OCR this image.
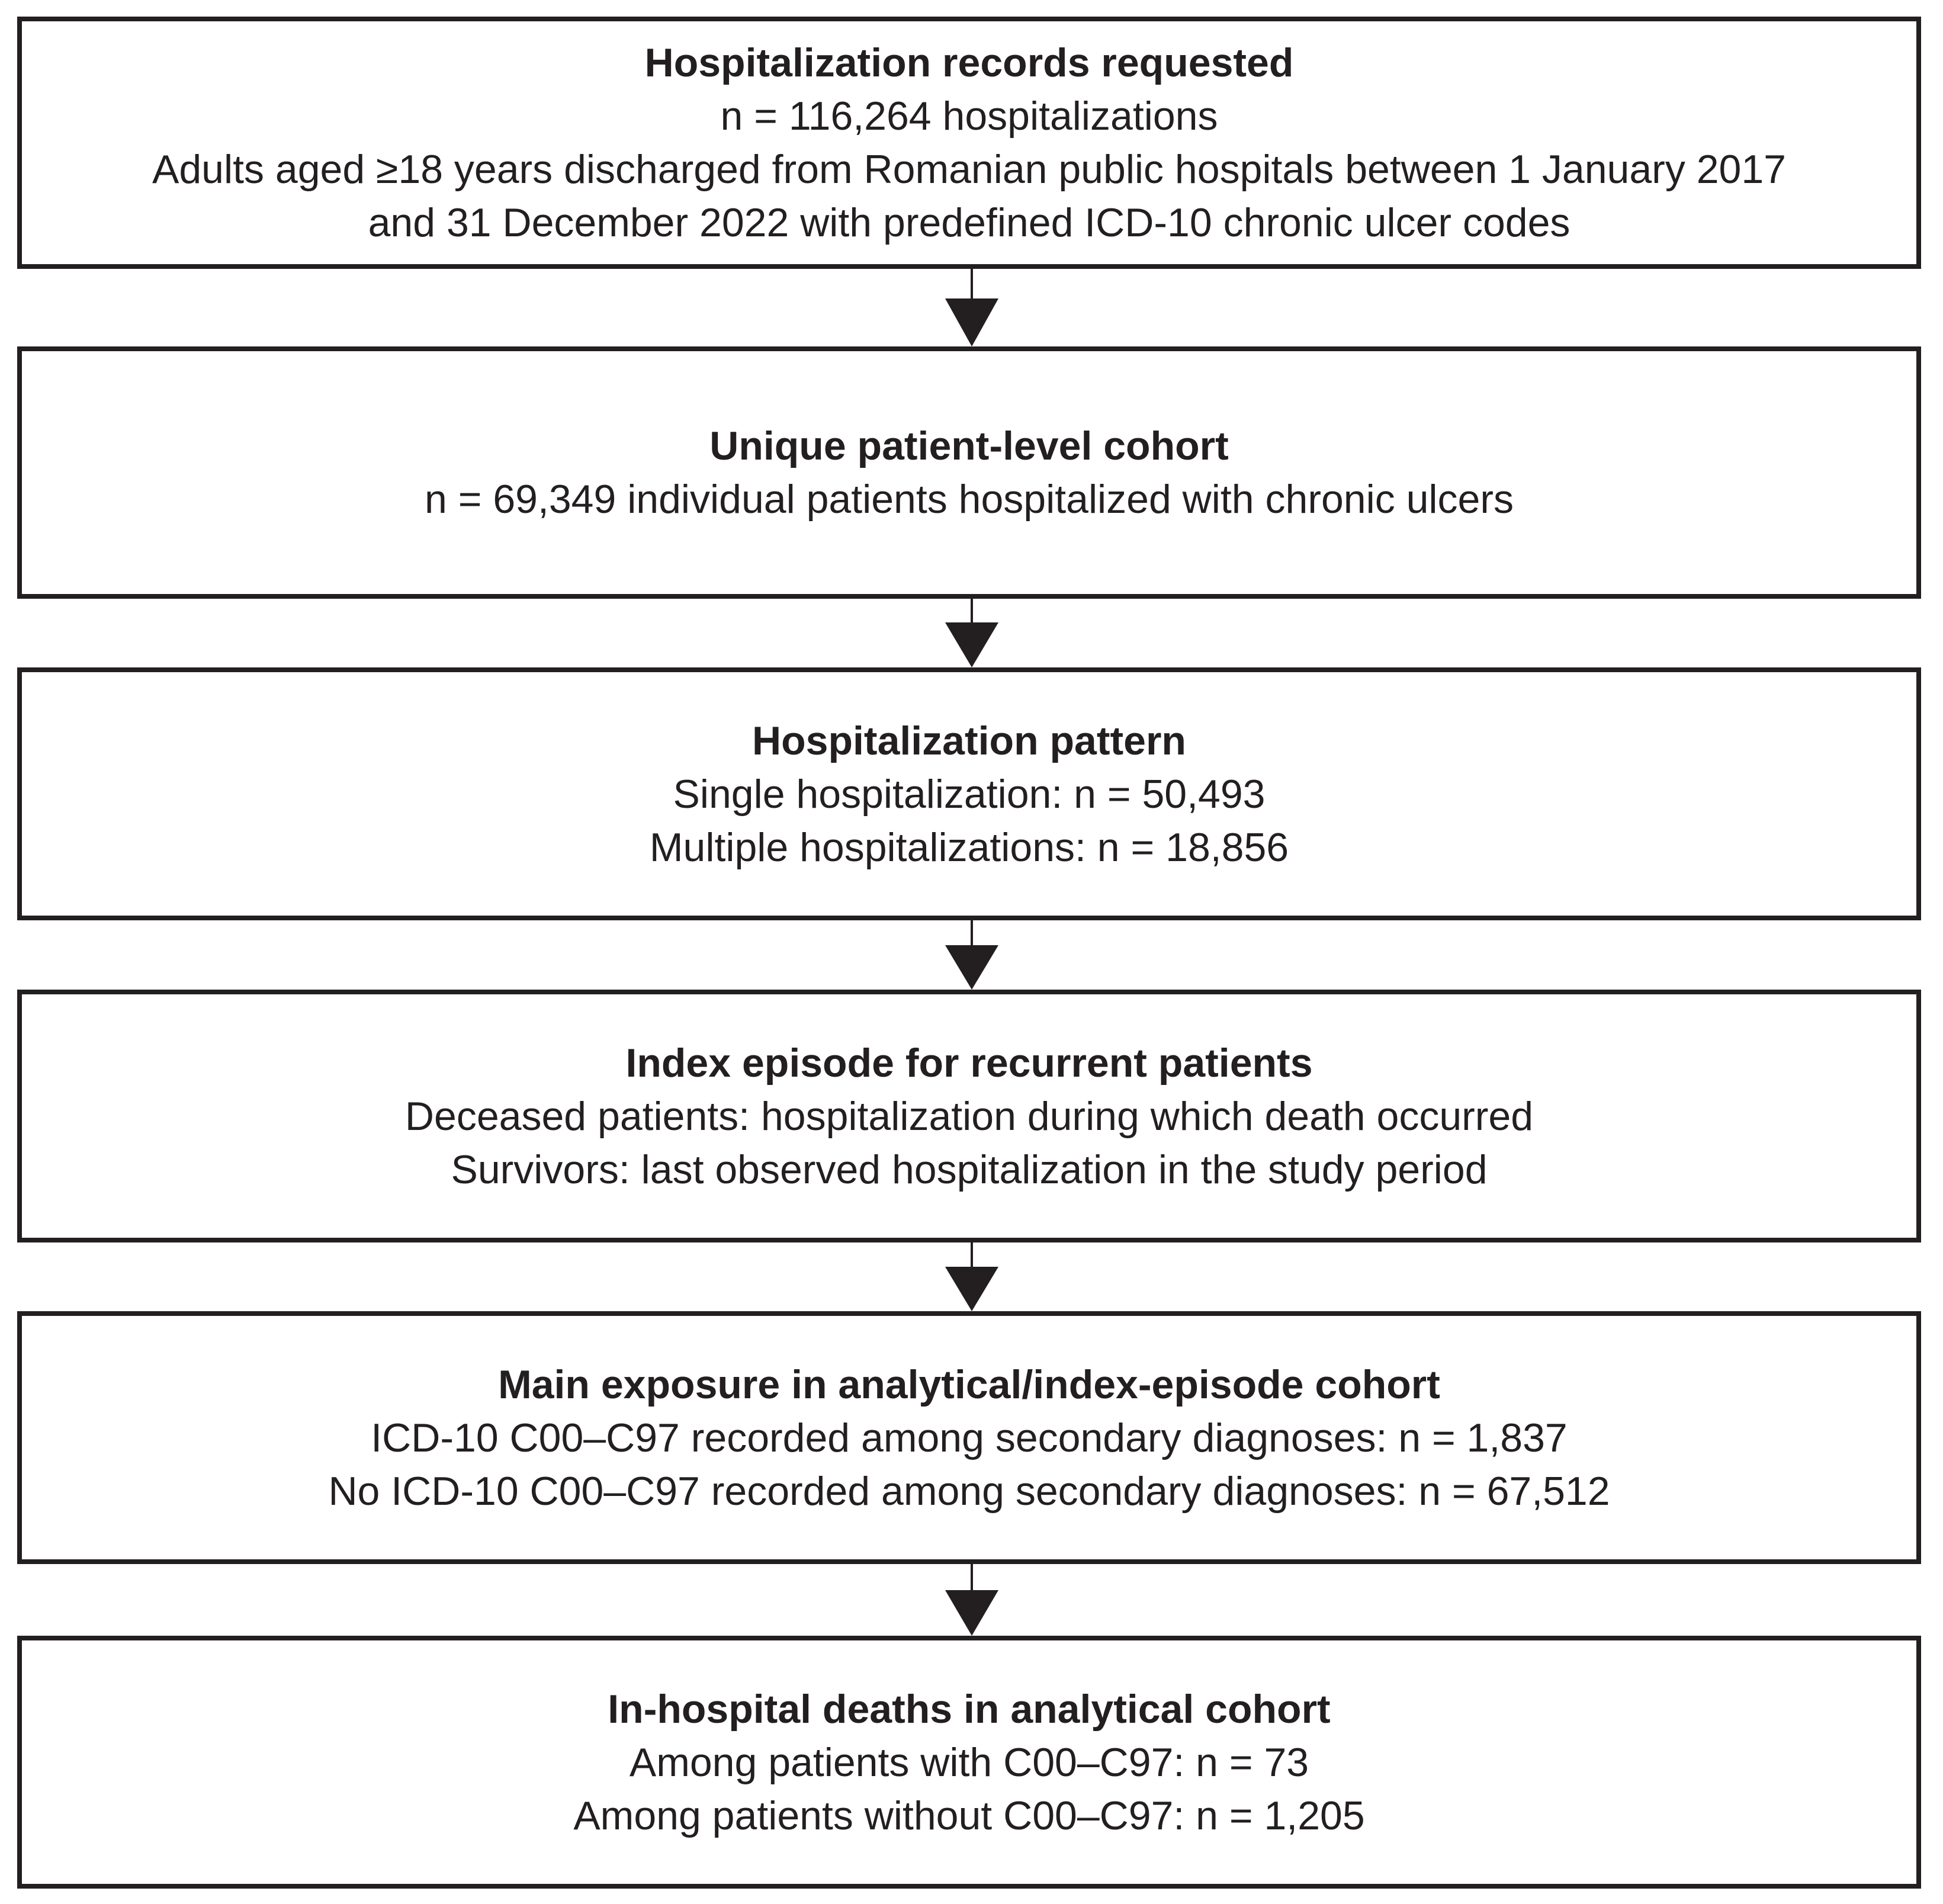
Hospitalization records requested
n = 116,264 hospitalizations
Adults aged ≥18 years discharged from Romanian public hospitals between 1 January 2017
and 31 December 2022 with predefined ICD-10 chronic ulcer codes
Unique patient-level cohort
n = 69,349 individual patients hospitalized with chronic ulcers
Hospitalization pattern
Single hospitalization: n = 50,493
Multiple hospitalizations: n = 18,856
Index episode for recurrent patients
Deceased patients: hospitalization during which death occurred
Survivors: last observed hospitalization in the study period
Main exposure in analytical/index-episode cohort
ICD-10 C00–C97 recorded among secondary diagnoses: n = 1,837
No ICD-10 C00–C97 recorded among secondary diagnoses: n = 67,512
In-hospital deaths in analytical cohort
Among patients with C00–C97: n = 73
Among patients without C00–C97: n = 1,205
